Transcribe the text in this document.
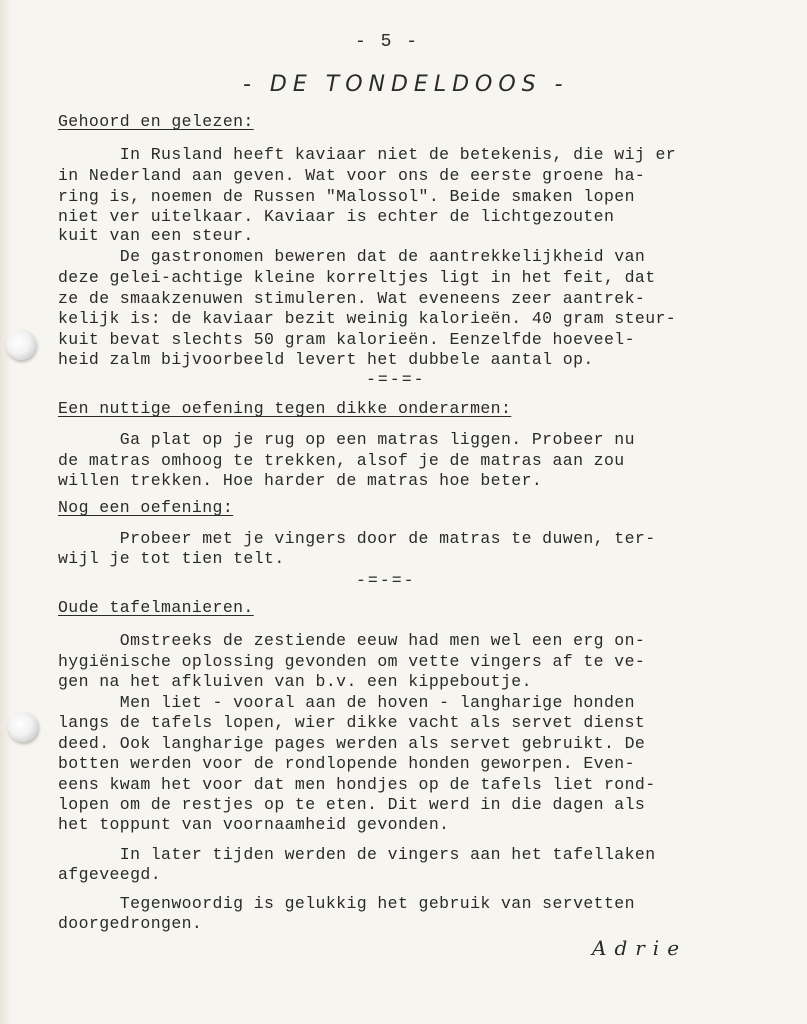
- 5 -
- DE TONDELDOOS -
Gehoord en gelezen:
In Rusland heeft kaviaar niet de betekenis, die wij er
in Nederland aan geven. Wat voor ons de eerste groene ha-
ring is, noemen de Russen "Malossol". Beide smaken lopen
niet ver uitelkaar. Kaviaar is echter de lichtgezouten
kuit van een steur.
De gastronomen beweren dat de aantrekkelijkheid van
deze gelei-achtige kleine korreltjes ligt in het feit, dat
ze de smaakzenuwen stimuleren. Wat eveneens zeer aantrek-
kelijk is: de kaviaar bezit weinig kalorieën. 40 gram steur-
kuit bevat slechts 50 gram kalorieën. Eenzelfde hoeveel-
heid zalm bijvoorbeeld levert het dubbele aantal op.
-=-=-
Een nuttige oefening tegen dikke onderarmen:
Ga plat op je rug op een matras liggen. Probeer nu
de matras omhoog te trekken, alsof je de matras aan zou
willen trekken. Hoe harder de matras hoe beter.
Nog een oefening:
Probeer met je vingers door de matras te duwen, ter-
wijl je tot tien telt.
-=-=-
Oude tafelmanieren.
Omstreeks de zestiende eeuw had men wel een erg on-
hygiënische oplossing gevonden om vette vingers af te ve-
gen na het afkluiven van b.v. een kippeboutje.
Men liet - vooral aan de hoven - langharige honden
langs de tafels lopen, wier dikke vacht als servet dienst
deed. Ook langharige pages werden als servet gebruikt. De
botten werden voor de rondlopende honden geworpen. Even-
eens kwam het voor dat men hondjes op de tafels liet rond-
lopen om de restjes op te eten. Dit werd in die dagen als
het toppunt van voornaamheid gevonden.
In later tijden werden de vingers aan het tafellaken
afgeveegd.
Tegenwoordig is gelukkig het gebruik van servetten
doorgedrongen.
Adrie
